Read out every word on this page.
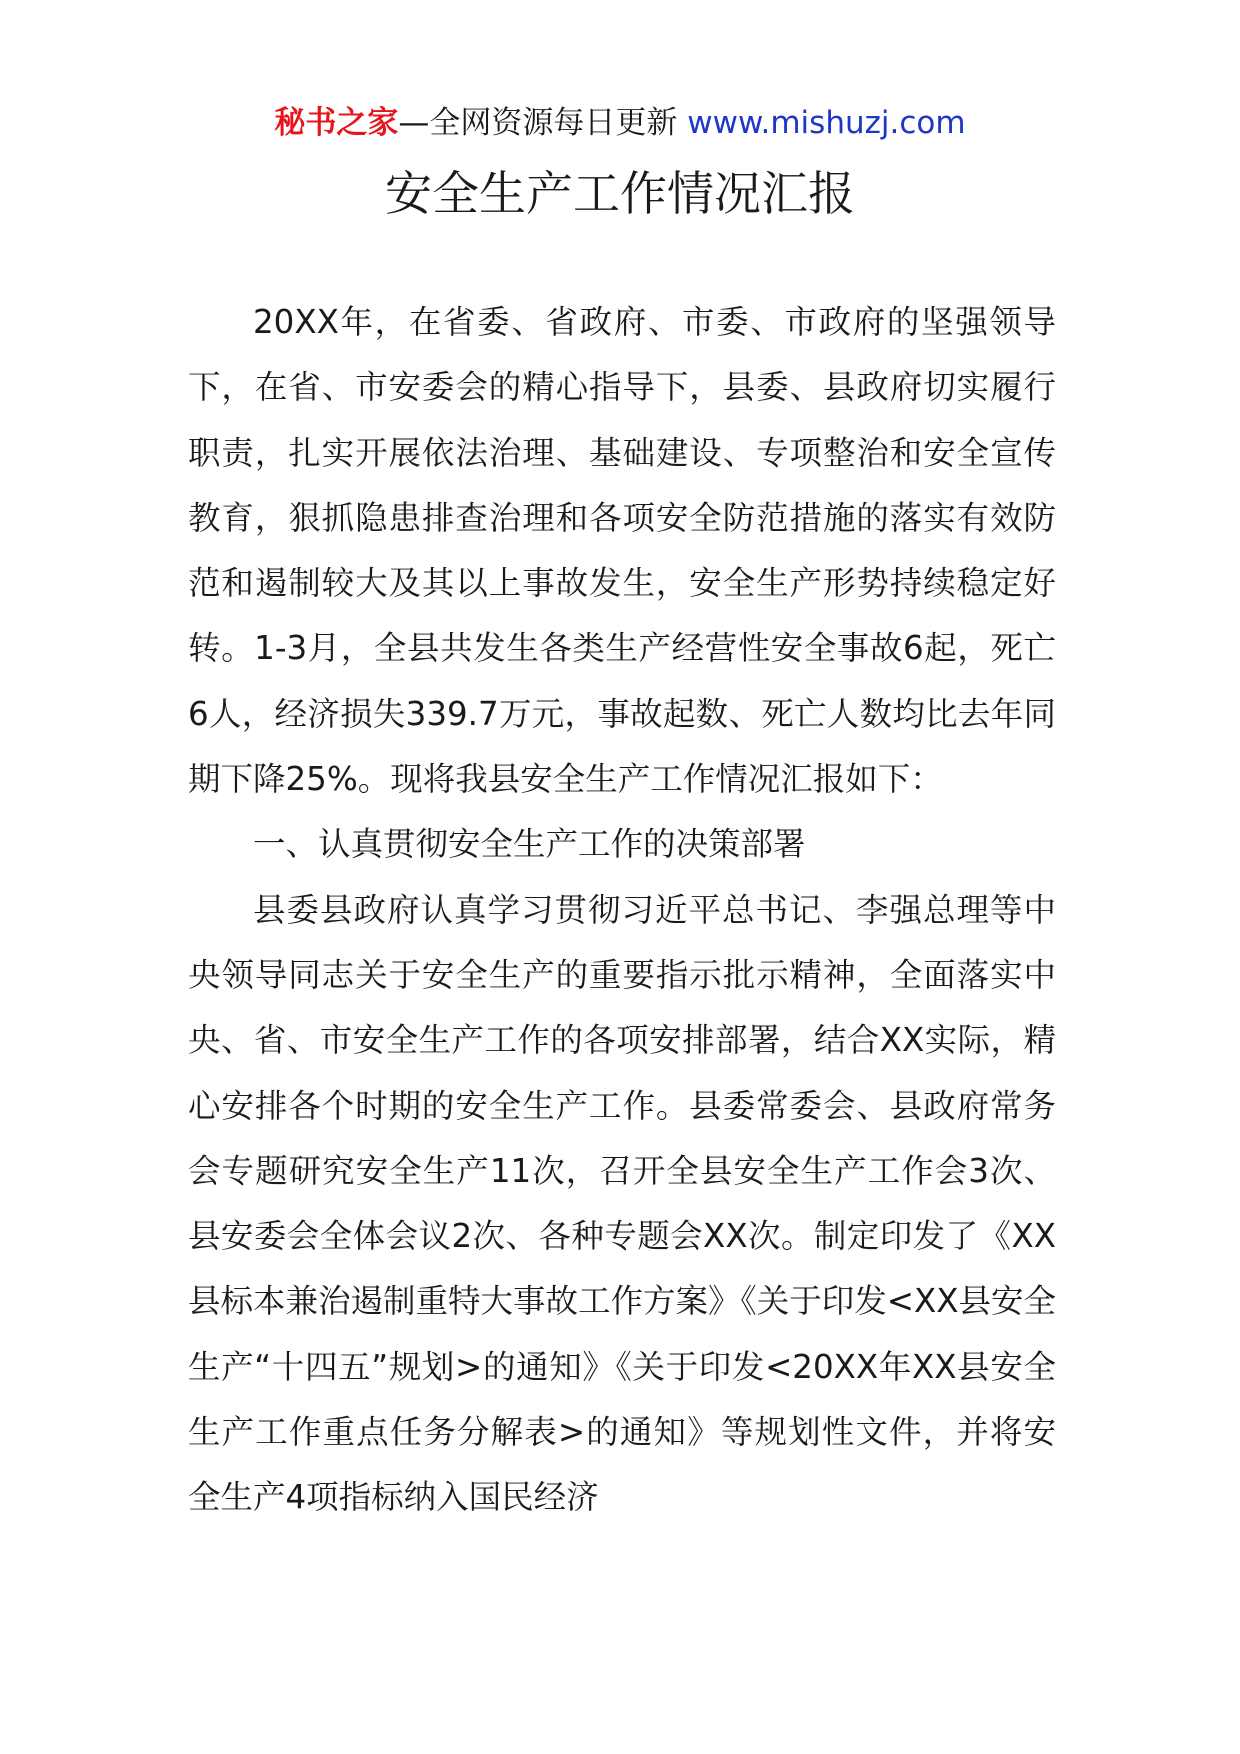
秘书之家—全网资源每日更新 www.mishuzj.com
安全生产工作情况汇报

20XX年，在省委、省政府、市委、市政府的坚强领导下，在省、市安委会的精心指导下，县委、县政府切实履行职责，扎实开展依法治理、基础建设、专项整治和安全宣传教育，狠抓隐患排查治理和各项安全防范措施的落实有效防范和遏制较大及其以上事故发生，安全生产形势持续稳定好转。1-3月，全县共发生各类生产经营性安全事故6起，死亡6人，经济损失339.7万元，事故起数、死亡人数均比去年同期下降25%。现将我县安全生产工作情况汇报如下：

一、认真贯彻安全生产工作的决策部署

县委县政府认真学习贯彻习近平总书记、李强总理等中央领导同志关于安全生产的重要指示批示精神，全面落实中央、省、市安全生产工作的各项安排部署，结合XX实际，精心安排各个时期的安全生产工作。县委常委会、县政府常务会专题研究安全生产11次，召开全县安全生产工作会3次、县安委会全体会议2次、各种专题会XX次。制定印发了《XX县标本兼治遏制重特大事故工作方案》《关于印发<XX县安全生产“十四五”规划>的通知》《关于印发<20XX年XX县安全生产工作重点任务分解表>的通知》等规划性文件，并将安全生产4项指标纳入国民经济
